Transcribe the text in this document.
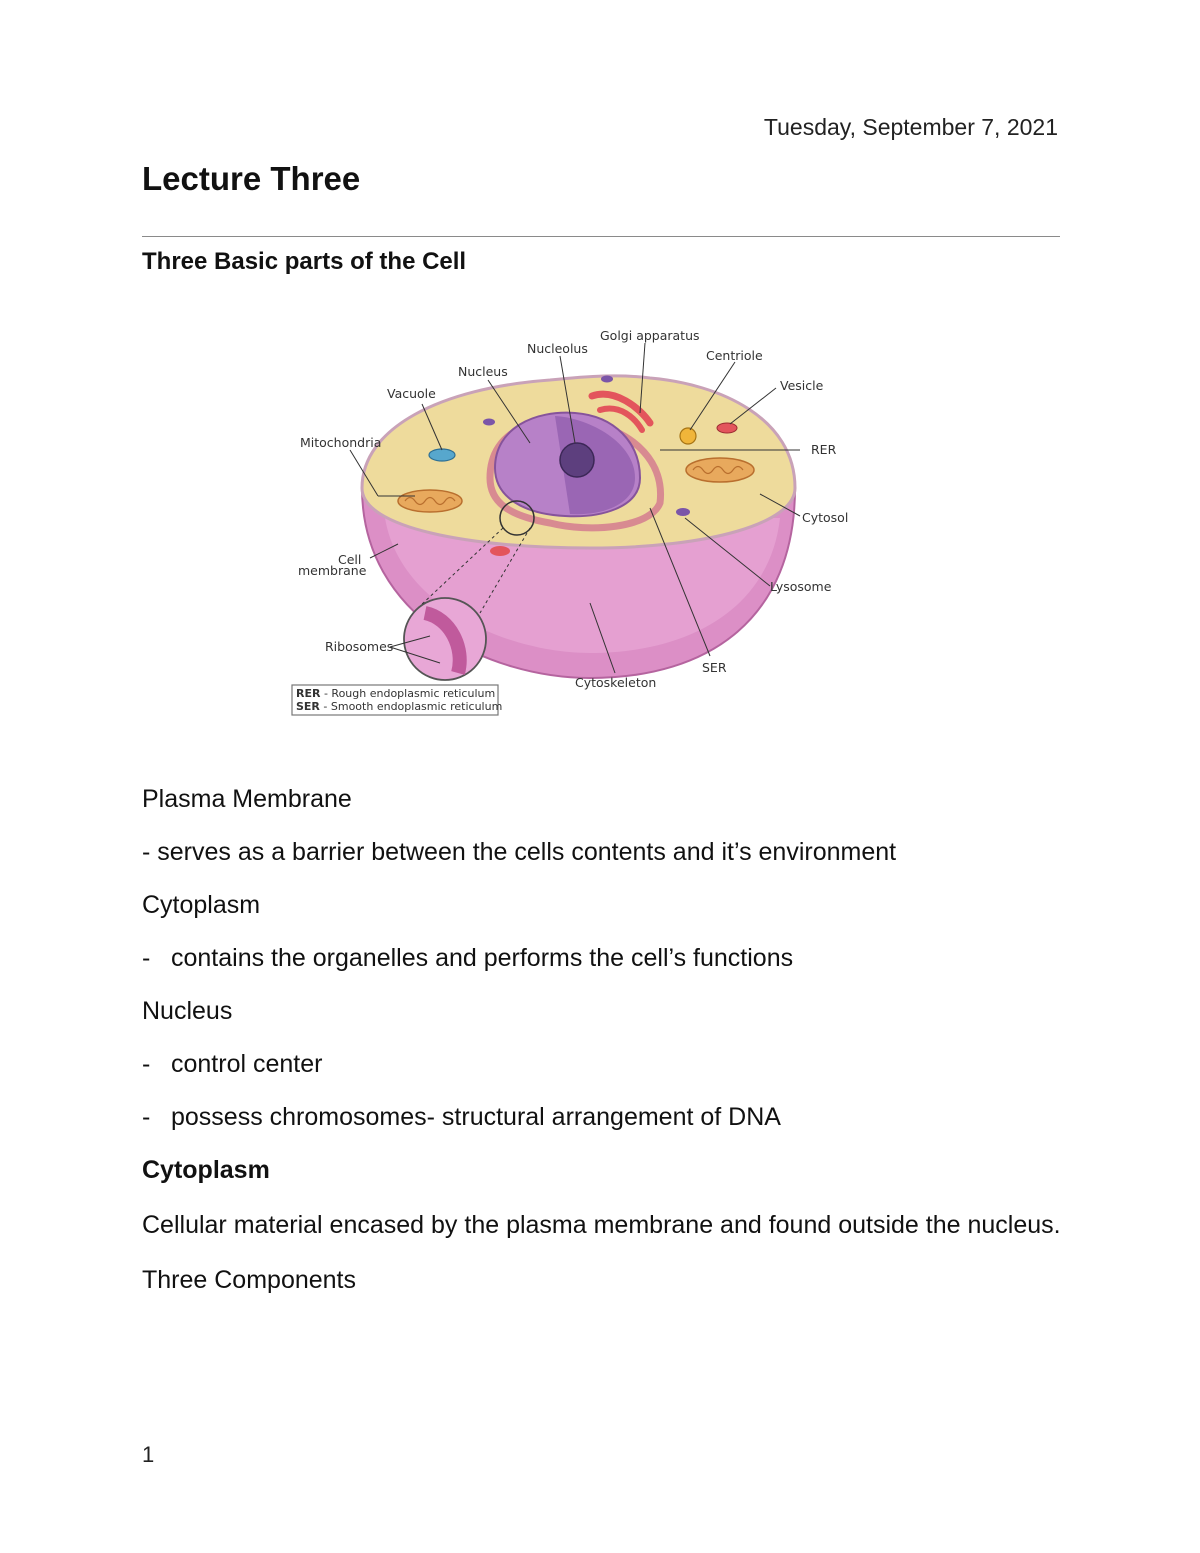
Tuesday, September 7, 2021
Lecture Three
Three Basic parts of the Cell
Golgi apparatus
Nucleolus	Centriole
Nucleus
Vacuole
Vesicle
Mitochondria	RER
Cytosol
Cell
membrane
Lysosome
Ribosomes
SER
Cytoskeleton
RER - Rough endoplasmic reticulum
SER - Smooth endoplasmic reticulum

Plasma Membrane

- serves as a barrier between the cells contents and it’s environment

Cytoplasm

- contains the organelles and performs the cell’s functions

Nucleus

- control center

- possess chromosomes- structural arrangement of DNA

Cytoplasm

Cellular material encased by the plasma membrane and found outside the nucleus.

Three Components

1
